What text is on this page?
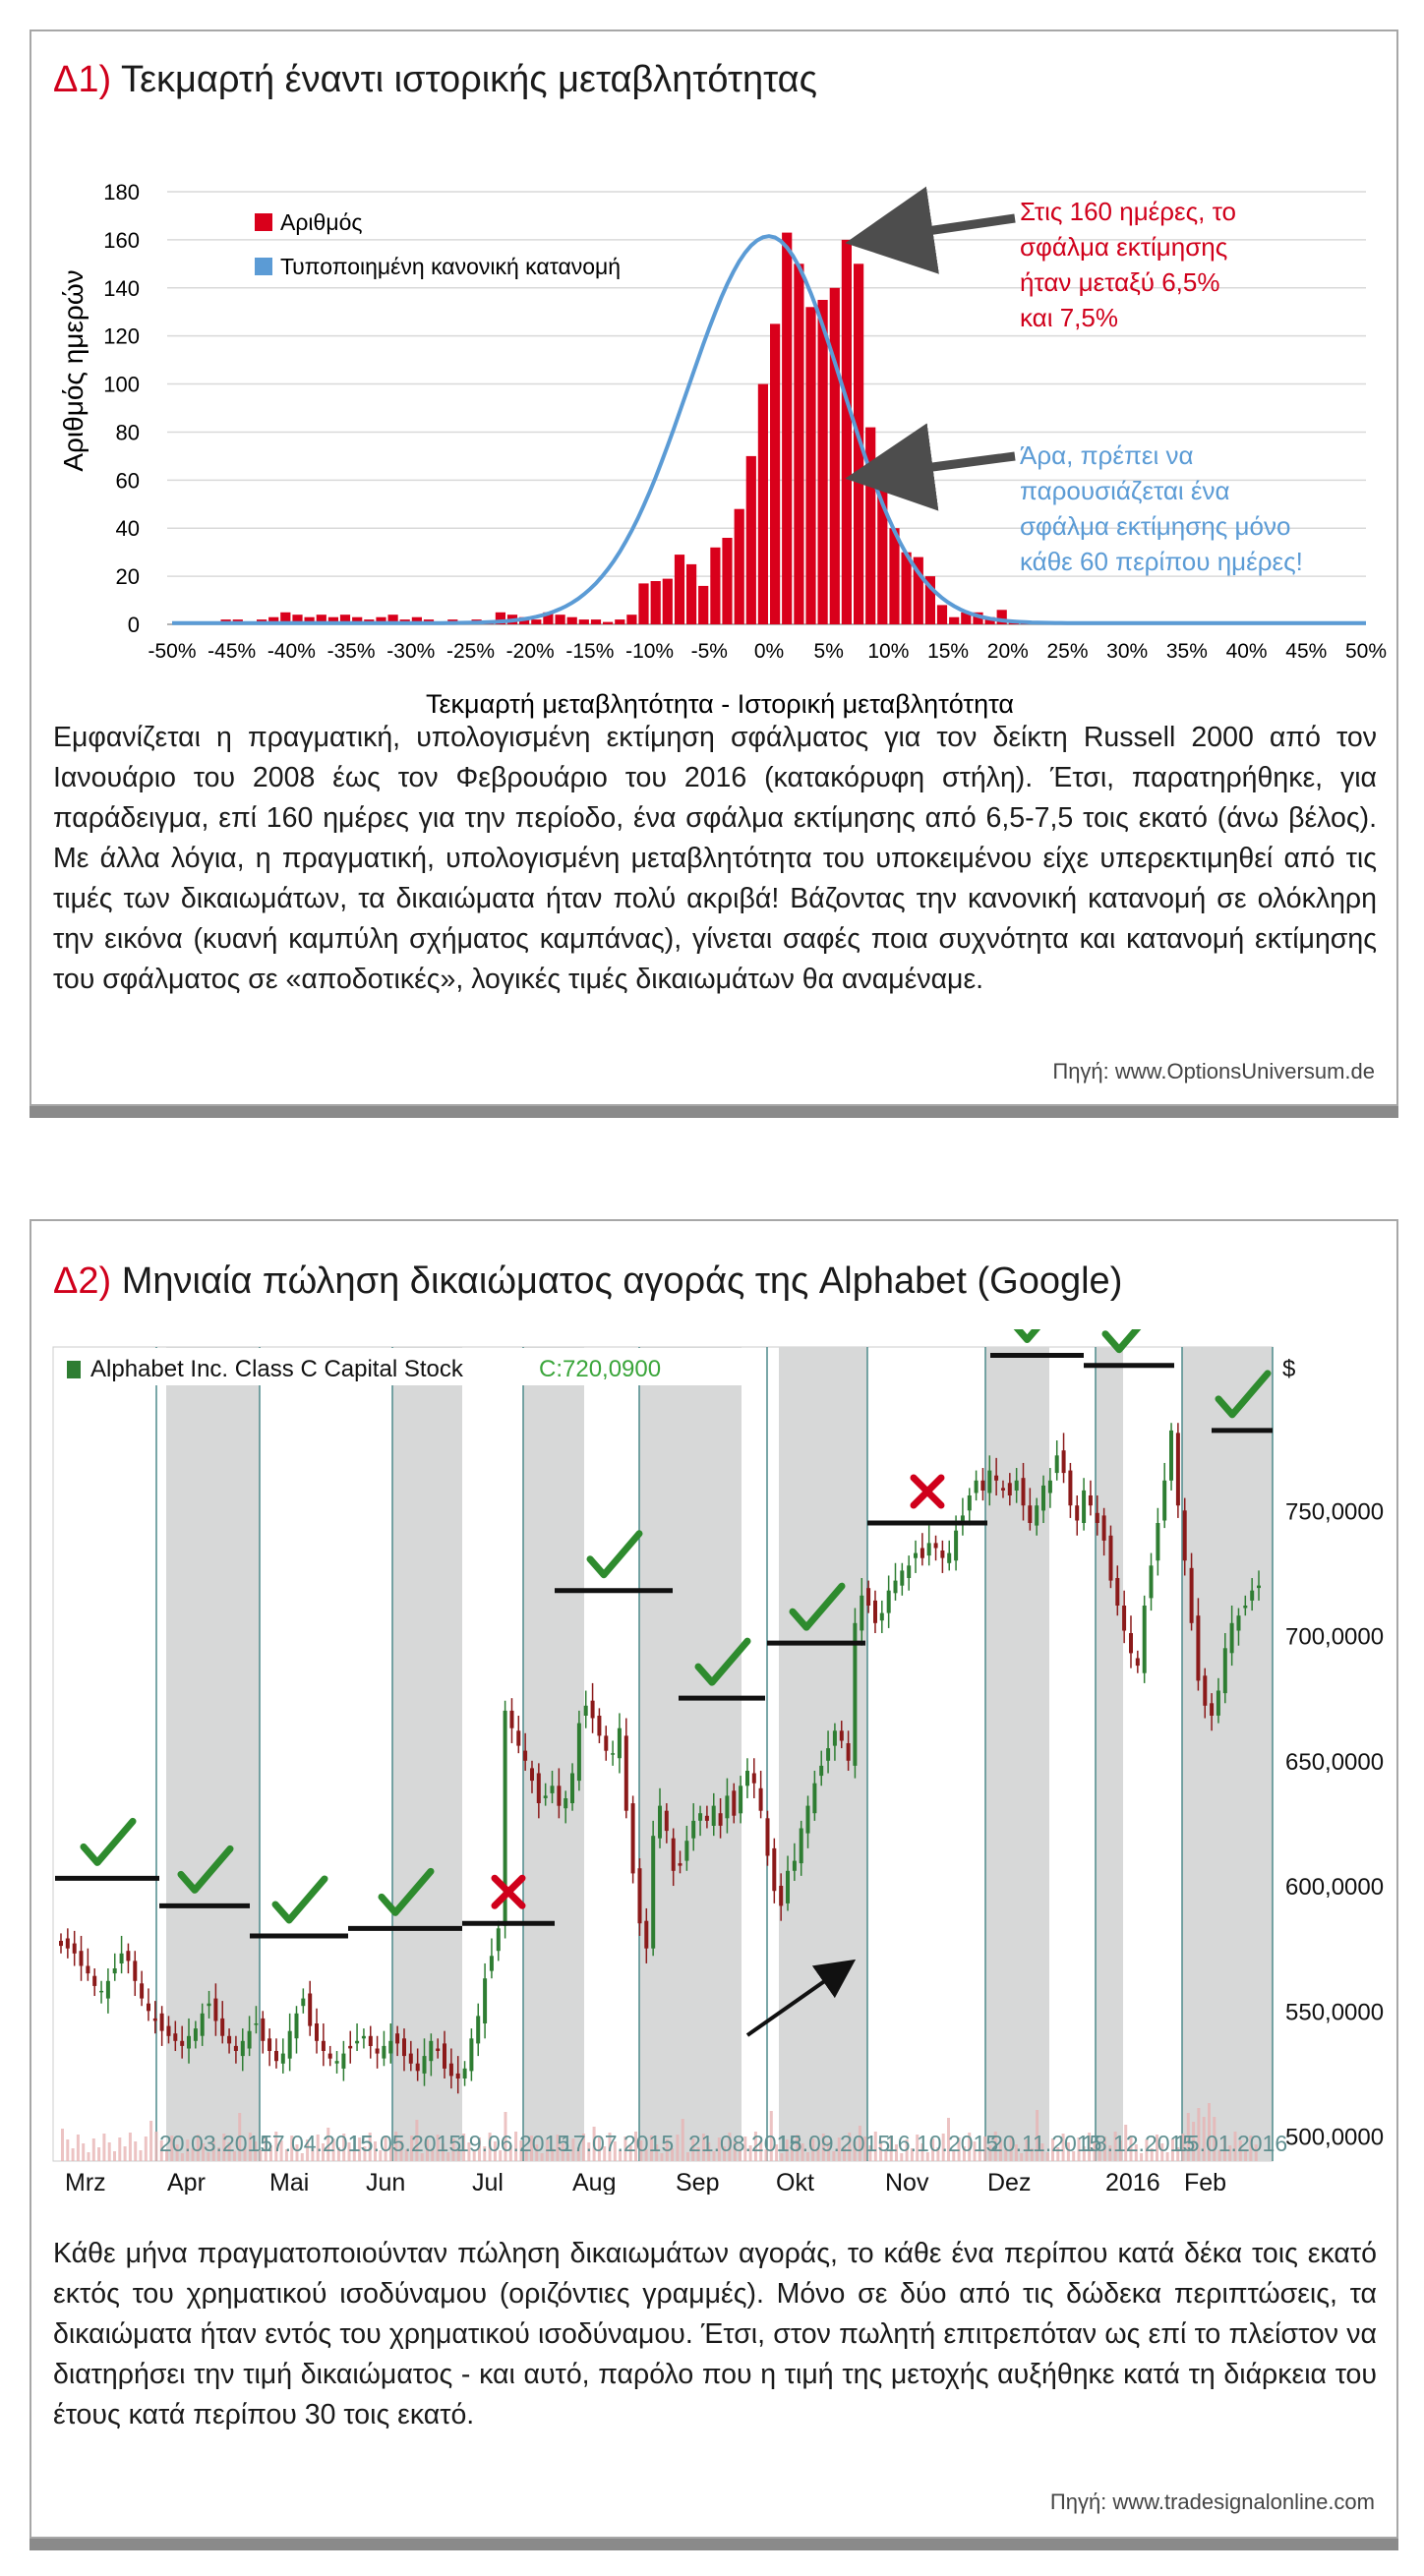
Δ1) Τεκμαρτή έναντι ιστορικής μεταβλητότητας
0
20
40
60
80
100
120
140
160
180
-50% -45% -40% -35% -30% -25% -20% -15% -10% -5% 0% 5% 10% 15% 20% 25% 30% 35% 40% 45% 50%
Αριθμός ημερών
Τεκμαρτή μεταβλητότητα - Ιστορική μεταβλητότητα
Αριθμός
Τυποποιημένη κανονική κατανομή
Στις 160 ημέρες, το
σφάλμα εκτίμησης
ήταν μεταξύ 6,5%
και 7,5%
Άρα, πρέπει να
παρουσιάζεται ένα
σφάλμα εκτίμησης μόνο
κάθε 60 περίπου ημέρες!
Εμφανίζεται η πραγματική, υπολογισμένη εκτίμηση σφάλματος για τον δείκτη Russell 2000 από τον Ιανουάριο του 2008 έως τον Φεβρουάριο του 2016 (κατακόρυφη στήλη). Έτσι, παρατηρήθηκε, για παράδειγμα, επί 160 ημέρες για την περίοδο, ένα σφάλμα εκτίμησης από 6,5-7,5 τοις εκατό (άνω βέλος). Με άλλα λόγια, η πραγματική, υπολογισμένη μεταβλητότητα του υποκειμένου είχε υπερεκτιμηθεί από τις τιμές των δικαιωμάτων, τα δικαιώματα ήταν πολύ ακριβά! Βάζοντας την κανονική κατανομή σε ολόκληρη την εικόνα (κυανή καμπύλη σχήματος καμπάνας), γίνεται σαφές ποια συχνότητα και κατανομή εκτίμησης του σφάλματος σε «αποδοτικές», λογικές τιμές δικαιωμάτων θα αναμέναμε.
Πηγή: www.OptionsUniversum.de
Δ2) Μηνιαία πώληση δικαιώματος αγοράς της Alphabet (Google)
500,0000
550,0000
600,0000
650,0000
700,0000
750,0000
20.03.2015
17.04.2015
15.05.2015
19.06.2015
17.07.2015 21.08.2015
18.09.2015
16.10.2015
20.11.2015
18.12.2015
15.01.2016
Mrz Apr	Mai Jun	Jul	Aug Sep Okt	Nov Dez	2016 Feb
Alphabet Inc. Class C Capital Stock	C:720,0900	$
Κάθε μήνα πραγματοποιούνταν πώληση δικαιωμάτων αγοράς, το κάθε ένα περίπου κατά δέκα τοις εκατό εκτός του χρηματικού ισοδύναμου (οριζόντιες γραμμές). Μόνο σε δύο από τις δώδεκα περιπτώσεις, τα δικαιώματα ήταν εντός του χρηματικού ισοδύναμου. Έτσι, στον πωλητή επιτρεπόταν ως επί το πλείστον να διατηρήσει την τιμή δικαιώματος - και αυτό, παρόλο που η τιμή της μετοχής αυξήθηκε κατά τη διάρκεια του έτους κατά περίπου 30 τοις εκατό.
Πηγή: www.tradesignalonline.com
